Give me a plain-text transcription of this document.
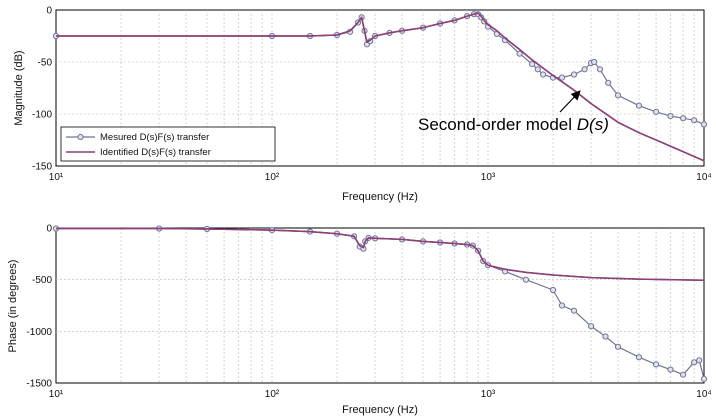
0
-50
-100
-150
10¹	10²	10³	10⁴
Frequency (Hz)
Magnitude (dB)
Mesured D(s)F(s) transfer
Identified D(s)F(s) transfer
Second-order model D(s)
0
-500
-1000
-1500
10¹	10²	10³	10⁴
Frequency (Hz)
Phase (in degrees)
